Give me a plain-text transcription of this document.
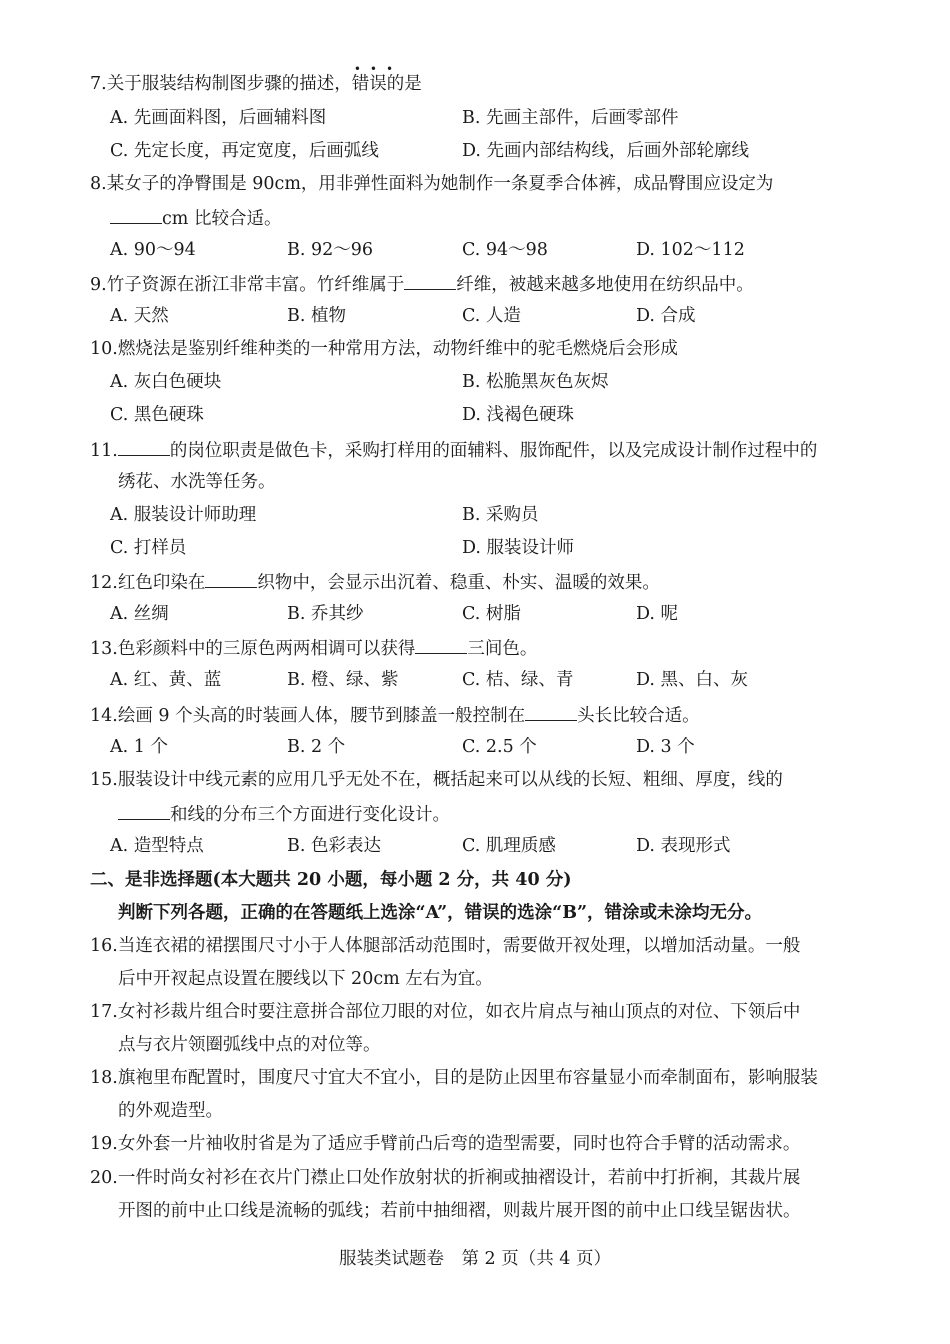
7.关于服装结构制图步骤的描述，
•••
错误的是
A. 先画面料图，后画辅料图	B. 先画主部件，后画零部件
C. 先定长度，再定宽度，后画弧线	D. 先画内部结构线，后画外部轮廓线
8.某女子的净臀围是 90cm，用非弹性面料为她制作一条夏季合体裤，成品臀围应设定为
cm 比较合适。
A. 90～94	B. 92～96	C. 94～98	D. 102～112
9.竹子资源在浙江非常丰富。竹纤维属于	纤维，被越来越多地使用在纺织品中。
A. 天然	B. 植物	C. 人造	D. 合成
10.燃烧法是鉴别纤维种类的一种常用方法，动物纤维中的驼毛燃烧后会形成
A. 灰白色硬块	B. 松脆黑灰色灰烬
C. 黑色硬珠	D. 浅褐色硬珠
11.	的岗位职责是做色卡，采购打样用的面辅料、服饰配件，以及完成设计制作过程中的
绣花、水洗等任务。
A. 服装设计师助理	B. 采购员
C. 打样员	D. 服装设计师
12.红色印染在	织物中，会显示出沉着、稳重、朴实、温暖的效果。
A. 丝绸	B. 乔其纱	C. 树脂	D. 呢
13.色彩颜料中的三原色两两相调可以获得	三间色。
A. 红、黄、蓝	B. 橙、绿、紫	C. 桔、绿、青	D. 黑、白、灰
14.绘画 9 个头高的时装画人体，腰节到膝盖一般控制在	头长比较合适。
A. 1 个	B. 2 个	C. 2.5 个	D. 3 个
15.服装设计中线元素的应用几乎无处不在，概括起来可以从线的长短、粗细、厚度，线的
和线的分布三个方面进行变化设计。
A. 造型特点	B. 色彩表达	C. 肌理质感	D. 表现形式
二、是非选择题(本大题共 20 小题，每小题 2 分，共 40 分)
判断下列各题，正确的在答题纸上选涂“A”，错误的选涂“B”，错涂或未涂均无分。
16.当连衣裙的裙摆围尺寸小于人体腿部活动范围时，需要做开衩处理，以增加活动量。一般
后中开衩起点设置在腰线以下 20cm 左右为宜。
17.女衬衫裁片组合时要注意拼合部位刀眼的对位，如衣片肩点与袖山顶点的对位、下领后中
点与衣片领圈弧线中点的对位等。
18.旗袍里布配置时，围度尺寸宜大不宜小，目的是防止因里布容量显小而牵制面布，影响服装
的外观造型。
19.女外套一片袖收肘省是为了适应手臂前凸后弯的造型需要，同时也符合手臂的活动需求。
20.一件时尚女衬衫在衣片门襟止口处作放射状的折裥或抽褶设计，若前中打折裥，其裁片展
开图的前中止口线是流畅的弧线；若前中抽细褶，则裁片展开图的前中止口线呈锯齿状。
服装类试题卷　第 2 页（共 4 页）
